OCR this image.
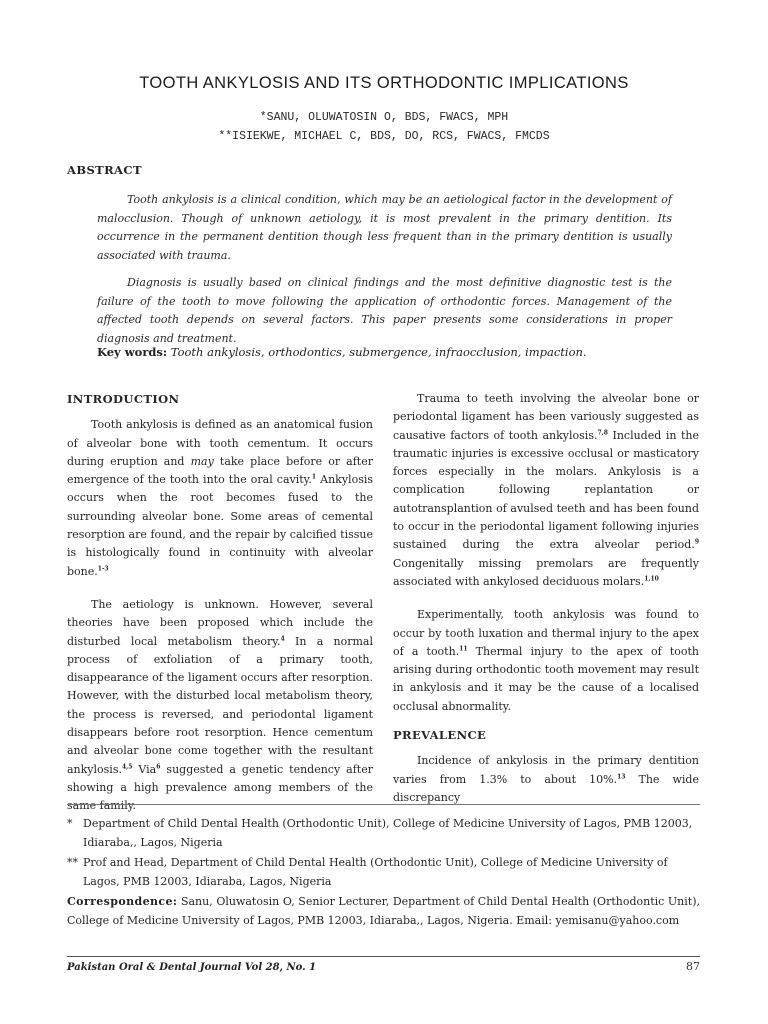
TOOTH ANKYLOSIS AND ITS ORTHODONTIC IMPLICATIONS
*SANU, OLUWATOSIN O, BDS, FWACS, MPH
**ISIEKWE, MICHAEL C, BDS, DO, RCS, FWACS, FMCDS
ABSTRACT

Tooth ankylosis is a clinical condition, which may be an aetiological factor in the development of malocclusion. Though of unknown aetiology, it is most prevalent in the primary dentition. Its occurrence in the permanent dentition though less frequent than in the primary dentition is usually associated with trauma.

Diagnosis is usually based on clinical findings and the most definitive diagnostic test is the failure of the tooth to move following the application of orthodontic forces. Management of the affected tooth depends on several factors. This paper presents some considerations in proper diagnosis and treatment.

Key words: Tooth ankylosis, orthodontics, submergence, infraocclusion, impaction.
INTRODUCTION

Tooth ankylosis is defined as an anatomical fusion of alveolar bone with tooth cementum. It occurs during eruption and may take place before or after emergence of the tooth into the oral cavity.$^1$ Ankylosis occurs when the root becomes fused to the surrounding alveolar bone. Some areas of cemental resorption are found, and the repair by calcified tissue is histologically found in continuity with alveolar bone.$^{1-3}$

The aetiology is unknown. However, several theories have been proposed which include the disturbed local metabolism theory.$^4$ In a normal process of exfoliation of a primary tooth, disappearance of the ligament occurs after resorption. However, with the disturbed local metabolism theory, the process is reversed, and periodontal ligament disappears before root resorption. Hence cementum and alveolar bone come together with the resultant ankylosis.$^{4,5}$ Via$^6$ suggested a genetic tendency after showing a high prevalence among members of the same family.

Trauma to teeth involving the alveolar bone or periodontal ligament has been variously suggested as causative factors of tooth ankylosis.$^{7,8}$ Included in the traumatic injuries is excessive occlusal or masticatory forces especially in the molars. Ankylosis is a complication following replantation or autotransplantion of avulsed teeth and has been found to occur in the periodontal ligament following injuries sustained during the extra alveolar period.$^9$ Congenitally missing premolars are frequently associated with ankylosed deciduous molars.$^{1,10}$

Experimentally, tooth ankylosis was found to occur by tooth luxation and thermal injury to the apex of a tooth.$^{11}$ Thermal injury to the apex of tooth arising during orthodontic tooth movement may result in ankylosis and it may be the cause of a localised occlusal abnormality.

PREVALENCE

Incidence of ankylosis in the primary dentition varies from 1.3% to about 10%.$^{13}$ The wide discrepancy

* Department of Child Dental Health (Orthodontic Unit), College of Medicine University of Lagos, PMB 12003, Idiaraba,, Lagos, Nigeria
** Prof and Head, Department of Child Dental Health (Orthodontic Unit), College of Medicine University of Lagos, PMB 12003, Idiaraba, Lagos, Nigeria
Correspondence: Sanu, Oluwatosin O, Senior Lecturer, Department of Child Dental Health (Orthodontic Unit), College of Medicine University of Lagos, PMB 12003, Idiaraba,, Lagos, Nigeria. Email: yemisanu@yahoo.com
Pakistan Oral & Dental Journal Vol 28, No. 1	87
